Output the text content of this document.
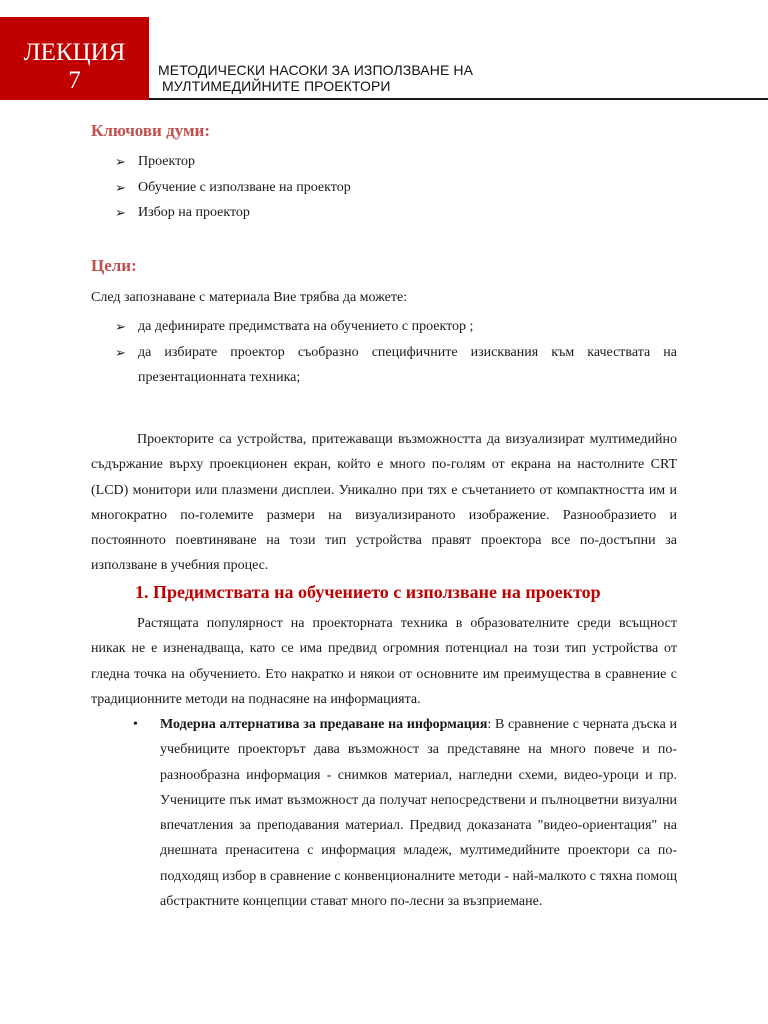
ЛЕКЦИЯ
7	МЕТОДИЧЕСКИ НАСОКИ ЗА ИЗПОЛЗВАНЕ НА
МУЛТИМЕДИЙНИТЕ ПРОЕКТОРИ
Ключови думи:
➢ Проектор
➢ Обучение с използване на проектор
➢ Избор на проектор
Цели:
След запознаване с материала Вие трябва да можете:
➢ да дефинирате предимствата на обучението с проектор ;
➢ да избирате проектор съобразно специфичните изисквания към качествата на презентационната техника;

Проекторите са устройства, притежаващи възможността да визуализират мултимедийно съдържание върху проекционен екран, който е много по-голям от екрана на настолните CRT (LCD) монитори или плазмени дисплеи. Уникално при тях е съчетанието от компактността им и многократно по-големите размери на визуализираното изображение. Разнообразието и постоянното поевтиняване на този тип устройства правят проектора все по-достъпни за използване в учебния процес.

1. Предимствата на обучението с използване на проектор

Растящата популярност на проекторната техника в образователните среди всъщност никак не е изненадваща, като се има предвид огромния потенциал на този тип устройства от гледна точка на обучението. Ето накратко и някои от основните им преимущества в сравнение с традиционните методи на поднасяне на информацията.

• Модерна алтернатива за предаване на информация: В сравнение с черната дъска и учебниците проекторът дава възможност за представяне на много повече и по-разнообразна информация - снимков материал, нагледни схеми, видео-уроци и пр. Учениците пък имат възможност да получат непосредствени и пълноцветни визуални впечатления за преподавания материал. Предвид доказаната "видео-ориентация" на днешната пренаситена с информация младеж, мултимедийните проектори са по-подходящ избор в сравнение с конвенционалните методи - най-малкото с тяхна помощ абстрактните концепции стават много по-лесни за възприемане.
